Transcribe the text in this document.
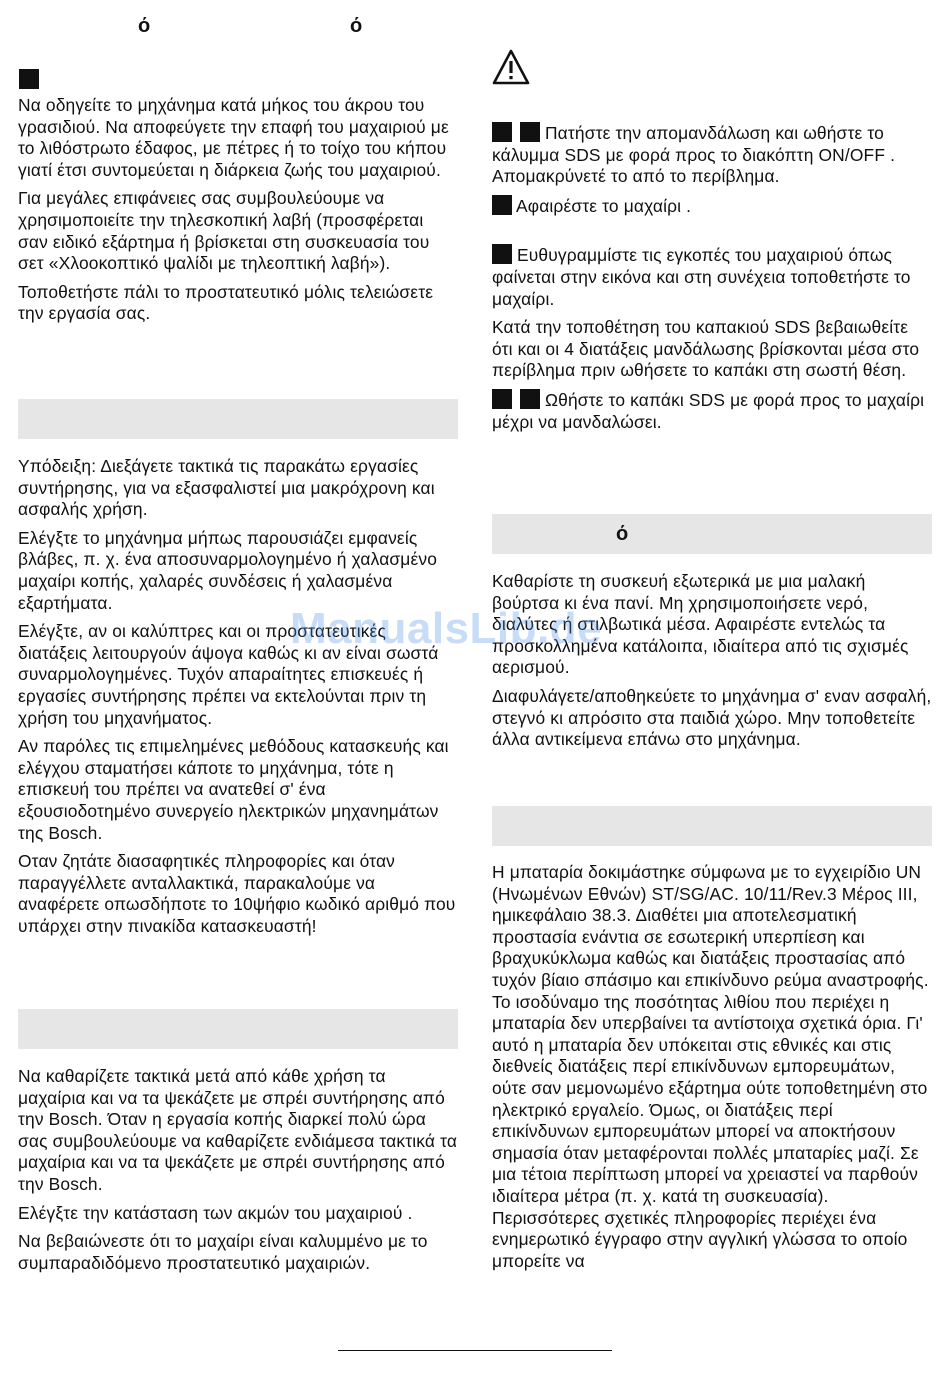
ό	ό

Να οδηγείτε το μηχάνημα κατά μήκος του άκρου του γρασιδιού. Να αποφεύγετε την επαφή του μαχαιριού με το λιθόστρωτο έδαφος, με πέτρες ή το τοίχο του κήπου γιατί έτσι συντομεύεται η διάρκεια ζωής του μαχαιριού.

Για μεγάλες επιφάνειες σας συμβουλεύουμε να χρησιμοποιείτε την τηλεσκοπική λαβή (προσφέρεται σαν ειδικό εξάρτημα ή βρίσκεται στη συσκευασία του σετ «Χλοοκοπτικό ψαλίδι με τηλεοπτική λαβή»).

Τοποθετήστε πάλι το προστατευτικό μόλις τελειώσετε την εργασία σας.

Υπόδειξη: Διεξάγετε τακτικά τις παρακάτω εργασίες συντήρησης, για να εξασφαλιστεί μια μακρόχρονη και ασφαλής χρήση.

Ελέγξτε το μηχάνημα μήπως παρουσιάζει εμφανείς βλάβες, π. χ. ένα αποσυναρμολογημένο ή χαλασμένο μαχαίρι κοπής, χαλαρές συνδέσεις ή χαλασμένα εξαρτήματα.

Ελέγξτε, αν οι καλύπτρες και οι προστατευτικές διατάξεις λειτουργούν άψογα καθώς κι αν είναι σωστά συναρμολογημένες. Τυχόν απαραίτητες επισκευές ή εργασίες συντήρησης πρέπει να εκτελούνται πριν τη χρήση του μηχανήματος.

Αν παρόλες τις επιμελημένες μεθόδους κατασκευής και ελέγχου σταματήσει κάποτε το μηχάνημα, τότε η επισκευή του πρέπει να ανατεθεί σ' ένα εξουσιοδοτημένο συνεργείο ηλεκτρικών μηχανημάτων της Bosch.

Οταν ζητάτε διασαφητικές πληροφορίες και όταν παραγγέλλετε ανταλλακτικά, παρακαλούμε να αναφέρετε οπωσδήποτε το 10ψήφιο κωδικό αριθμό που υπάρχει στην πινακίδα κατασκευαστή!

Να καθαρίζετε τακτικά μετά από κάθε χρήση τα μαχαίρια και να τα ψεκάζετε με σπρέι συντήρησης από την Bosch. Όταν η εργασία κοπής διαρκεί πολύ ώρα σας συμβουλεύουμε να καθαρίζετε ενδιάμεσα τακτικά τα μαχαίρια και να τα ψεκάζετε με σπρέι συντήρησης από την Bosch.

Ελέγξτε την κατάσταση των ακμών του μαχαιριού .

Να βεβαιώνεστε ότι το μαχαίρι είναι καλυμμένο με το συμπαραδιδόμενο προστατευτικό μαχαιριών.

Πατήστε την απομανδάλωση και ωθήστε το κάλυμμα SDS με φορά προς το διακόπτη ON/OFF . Απομακρύνετέ το από το περίβλημα.

Αφαιρέστε το μαχαίρι .

Ευθυγραμμίστε τις εγκοπές του μαχαιριού όπως φαίνεται στην εικόνα και στη συνέχεια τοποθετήστε το μαχαίρι.

Κατά την τοποθέτηση του καπακιού SDS βεβαιωθείτε ότι και οι 4 διατάξεις μανδάλωσης βρίσκονται μέσα στο περίβλημα πριν ωθήσετε το καπάκι στη σωστή θέση.

Ωθήστε το καπάκι SDS με φορά προς το μαχαίρι μέχρι να μανδαλώσει.

ό

Καθαρίστε τη συσκευή εξωτερικά με μια μαλακή βούρτσα κι ένα πανί. Μη χρησιμοποιήσετε νερό, διαλύτες ή στιλβωτικά μέσα. Αφαιρέστε εντελώς τα προσκολλημένα κατάλοιπα, ιδιαίτερα από τις σχισμές αερισμού.

Διαφυλάγετε/αποθηκεύετε το μηχάνημα σ' εναν ασφαλή, στεγνό κι απρόσιτο στα παιδιά χώρο. Μην τοποθετείτε άλλα αντικείμενα επάνω στο μηχάνημα.

Η μπαταρία δοκιμάστηκε σύμφωνα με το εγχειρίδιο UN (Ηνωμένων Εθνών) ST/SG/AC. 10/11/Rev.3 Μέρος III, ημικεφάλαιο 38.3. Διαθέτει μια αποτελεσματική προστασία ενάντια σε εσωτερική υπερπίεση και βραχυκύκλωμα καθώς και διατάξεις προστασίας από τυχόν βίαιο σπάσιμο και επικίνδυνο ρεύμα αναστροφής. Το ισοδύναμο της ποσότητας λιθίου που περιέχει η μπαταρία δεν υπερβαίνει τα αντίστοιχα σχετικά όρια. Γι' αυτό η μπαταρία δεν υπόκειται στις εθνικές και στις διεθνείς διατάξεις περί επικίνδυνων εμπορευμάτων, ούτε σαν μεμονωμένο εξάρτημα ούτε τοποθετημένη στο ηλεκτρικό εργαλείο. Όμως, οι διατάξεις περί επικίνδυνων εμπορευμάτων μπορεί να αποκτήσουν σημασία όταν μεταφέρονται πολλές μπαταρίες μαζί. Σε μια τέτοια περίπτωση μπορεί να χρειαστεί να παρθούν ιδιαίτερα μέτρα (π. χ. κατά τη συσκευασία). Περισσότερες σχετικές πληροφορίες περιέχει ένα ενημερωτικό έγγραφο στην αγγλική γλώσσα το οποίο μπορείτε να

ManualsLib.de
